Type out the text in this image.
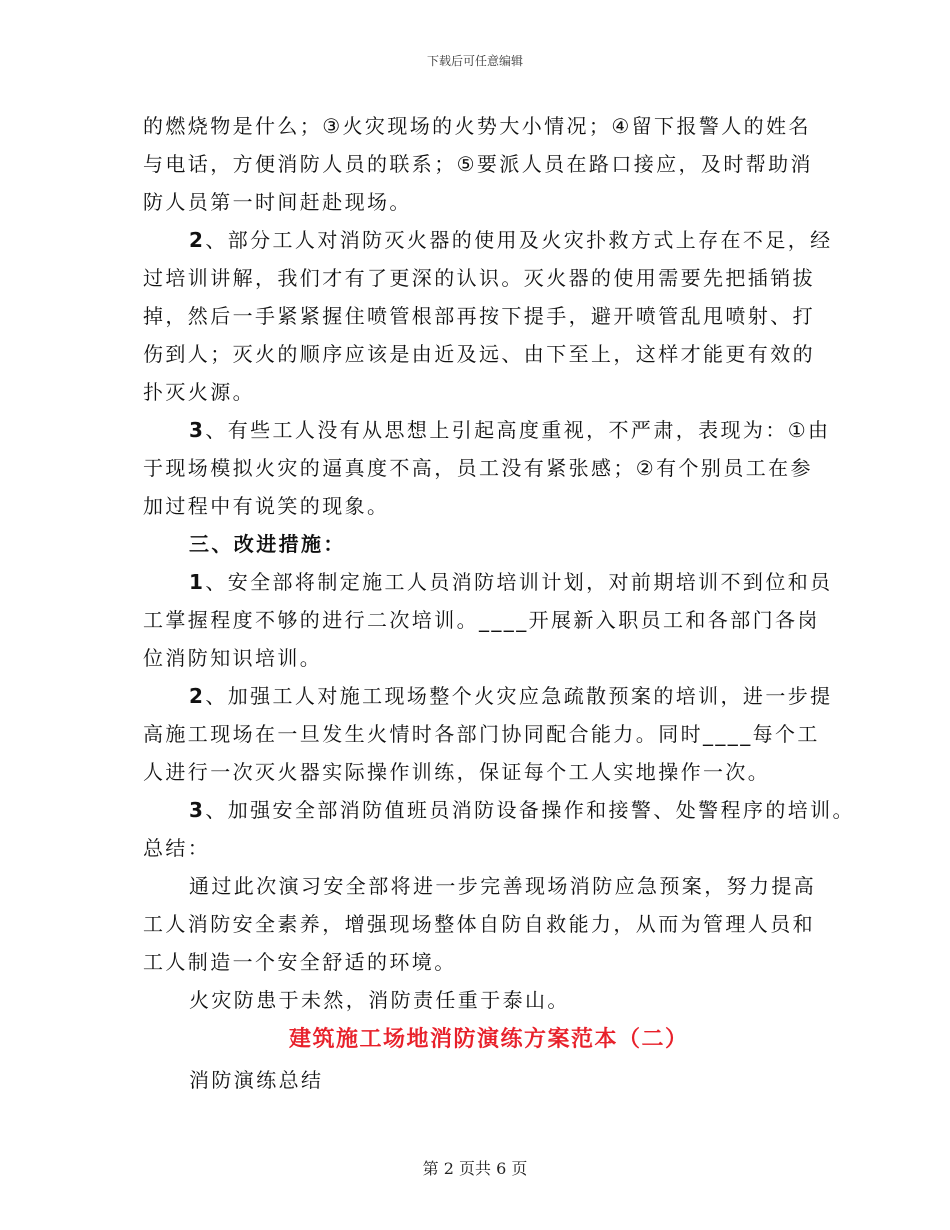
下载后可任意编辑
的燃烧物是什么；③火灾现场的火势大小情况；④留下报警人的姓名
与电话，方便消防人员的联系；⑤要派人员在路口接应，及时帮助消
防人员第一时间赶赴现场。
2、部分工人对消防灭火器的使用及火灾扑救方式上存在不足，经
过培训讲解，我们才有了更深的认识。灭火器的使用需要先把插销拔
掉，然后一手紧紧握住喷管根部再按下提手，避开喷管乱甩喷射、打
伤到人；灭火的顺序应该是由近及远、由下至上，这样才能更有效的
扑灭火源。
3、有些工人没有从思想上引起高度重视，不严肃，表现为：①由
于现场模拟火灾的逼真度不高，员工没有紧张感；②有个别员工在参
加过程中有说笑的现象。
三、改进措施：
1、安全部将制定施工人员消防培训计划，对前期培训不到位和员
工掌握程度不够的进行二次培训。____开展新入职员工和各部门各岗
位消防知识培训。
2、加强工人对施工现场整个火灾应急疏散预案的培训，进一步提
高施工现场在一旦发生火情时各部门协同配合能力。同时____每个工
人进行一次灭火器实际操作训练，保证每个工人实地操作一次。
3、加强安全部消防值班员消防设备操作和接警、处警程序的培训。
总结：
通过此次演习安全部将进一步完善现场消防应急预案，努力提高
工人消防安全素养，增强现场整体自防自救能力，从而为管理人员和
工人制造一个安全舒适的环境。
火灾防患于未然，消防责任重于泰山。
建筑施工场地消防演练方案范本（二）
消防演练总结
第 2 页共 6 页
